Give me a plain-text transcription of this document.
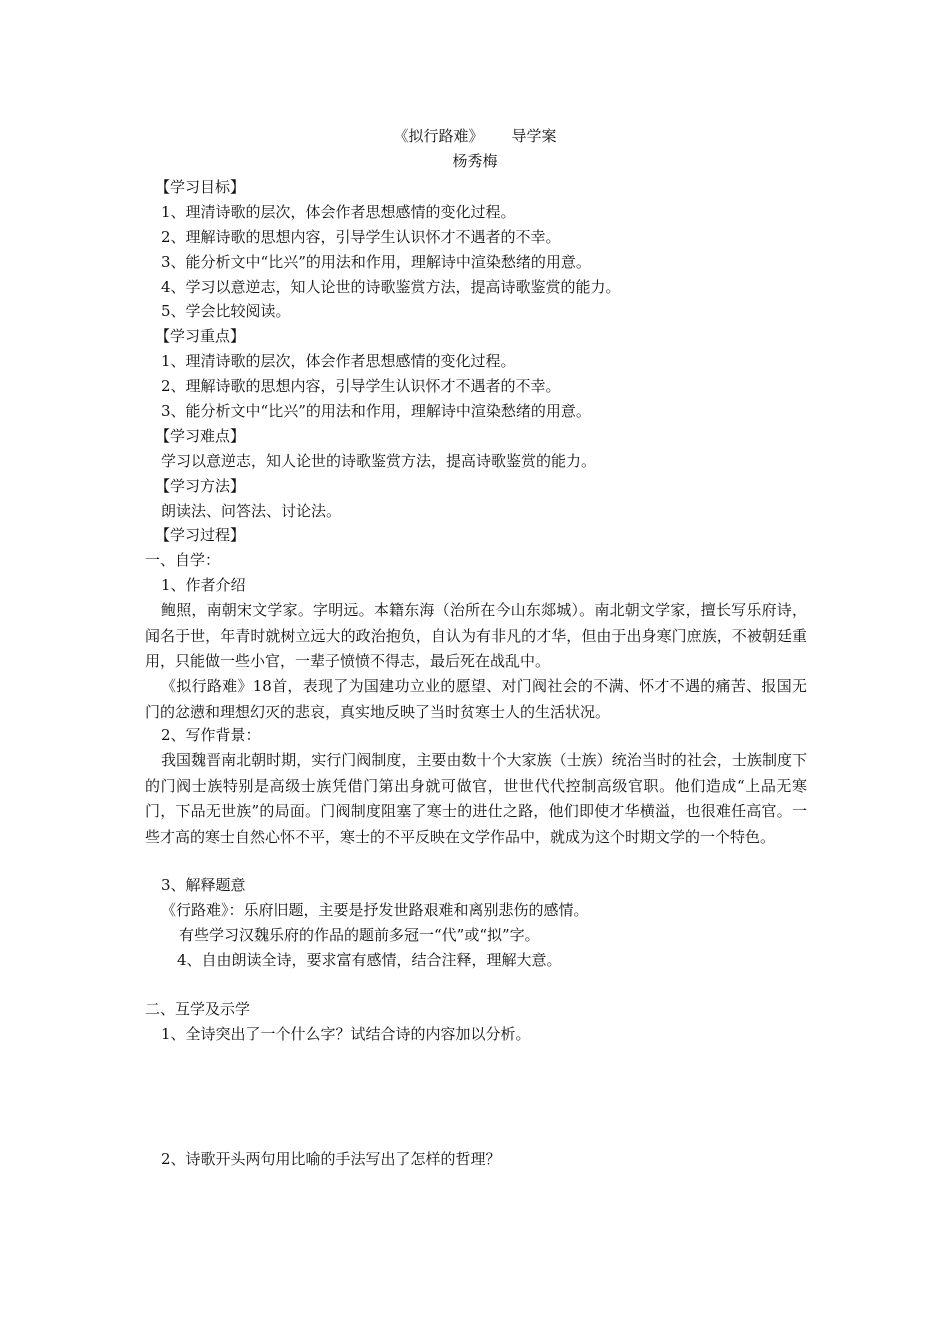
《拟行路难》 导学案
杨秀梅
【学习目标】
1、理清诗歌的层次，体会作者思想感情的变化过程。
2、理解诗歌的思想内容，引导学生认识怀才不遇者的不幸。
3、能分析文中“比兴”的用法和作用，理解诗中渲染愁绪的用意。
4、学习以意逆志，知人论世的诗歌鉴赏方法，提高诗歌鉴赏的能力。
5、学会比较阅读。
【学习重点】
1、理清诗歌的层次，体会作者思想感情的变化过程。
2、理解诗歌的思想内容，引导学生认识怀才不遇者的不幸。
3、能分析文中“比兴”的用法和作用，理解诗中渲染愁绪的用意。
【学习难点】
学习以意逆志，知人论世的诗歌鉴赏方法，提高诗歌鉴赏的能力。
【学习方法】
朗读法、问答法、讨论法。
【学习过程】
一、自学：
1、作者介绍
鲍照，南朝宋文学家。字明远。本籍东海（治所在今山东郯城）。南北朝文学家，擅长写乐府诗，闻名于世，年青时就树立远大的政治抱负，自认为有非凡的才华，但由于出身寒门庶族，不被朝廷重用，只能做一些小官，一辈子愤愤不得志，最后死在战乱中。
《拟行路难》18首，表现了为国建功立业的愿望、对门阀社会的不满、怀才不遇的痛苦、报国无门的忿懑和理想幻灭的悲哀，真实地反映了当时贫寒士人的生活状况。
2、写作背景：
我国魏晋南北朝时期，实行门阀制度，主要由数十个大家族（士族）统治当时的社会，士族制度下的门阀士族特别是高级士族凭借门第出身就可做官，世世代代控制高级官职。他们造成“上品无寒门，下品无世族”的局面。门阀制度阻塞了寒士的进仕之路，他们即使才华横溢，也很难任高官。一些才高的寒士自然心怀不平，寒士的不平反映在文学作品中，就成为这个时期文学的一个特色。
3、解释题意
《行路难》：乐府旧题，主要是抒发世路艰难和离别悲伤的感情。
有些学习汉魏乐府的作品的题前多冠一“代”或“拟”字。
4、自由朗读全诗，要求富有感情，结合注释，理解大意。
二、互学及示学
1、全诗突出了一个什么字？试结合诗的内容加以分析。
2、诗歌开头两句用比喻的手法写出了怎样的哲理？
